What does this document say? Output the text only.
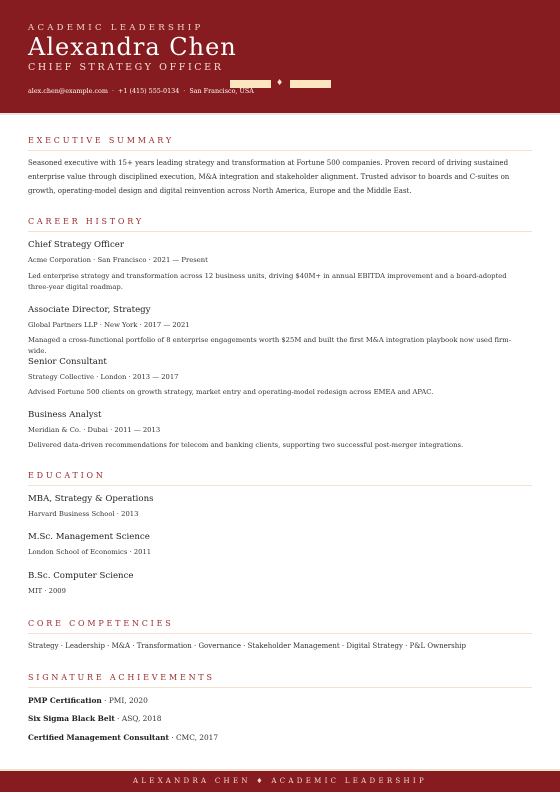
ACADEMIC LEADERSHIP
Alexandra Chen
CHIEF STRATEGY OFFICER
♦
alex.chen@example.com · +1 (415) 555-0134 · San Francisco, USA
EXECUTIVE SUMMARY
Seasoned executive with 15+ years leading strategy and transformation at Fortune 500 companies. Proven record of driving sustained enterprise value through disciplined execution, M&A integration and stakeholder alignment. Trusted advisor to boards and C-suites on growth, operating-model design and digital reinvention across North America, Europe and the Middle East.
CAREER HISTORY
Chief Strategy Officer
Acme Corporation · San Francisco · 2021 — Present
Led enterprise strategy and transformation across 12 business units, driving $40M+ in annual EBITDA improvement and a board-adopted three-year digital roadmap.
Associate Director, Strategy
Global Partners LLP · New York · 2017 — 2021
Managed a cross-functional portfolio of 8 enterprise engagements worth $25M and built the first M&A integration playbook now used firm-wide.
Senior Consultant
Strategy Collective · London · 2013 — 2017
Advised Fortune 500 clients on growth strategy, market entry and operating-model redesign across EMEA and APAC.
Business Analyst
Meridian & Co. · Dubai · 2011 — 2013
Delivered data-driven recommendations for telecom and banking clients, supporting two successful post-merger integrations.
EDUCATION
MBA, Strategy & Operations
Harvard Business School · 2013
M.Sc. Management Science
London School of Economics · 2011
B.Sc. Computer Science
MIT · 2009
CORE COMPETENCIES
Strategy · Leadership · M&A · Transformation · Governance · Stakeholder Management · Digital Strategy · P&L Ownership
SIGNATURE ACHIEVEMENTS
PMP Certification · PMI, 2020
Six Sigma Black Belt · ASQ, 2018
Certified Management Consultant · CMC, 2017
ALEXANDRA CHEN ♦ ACADEMIC LEADERSHIP
